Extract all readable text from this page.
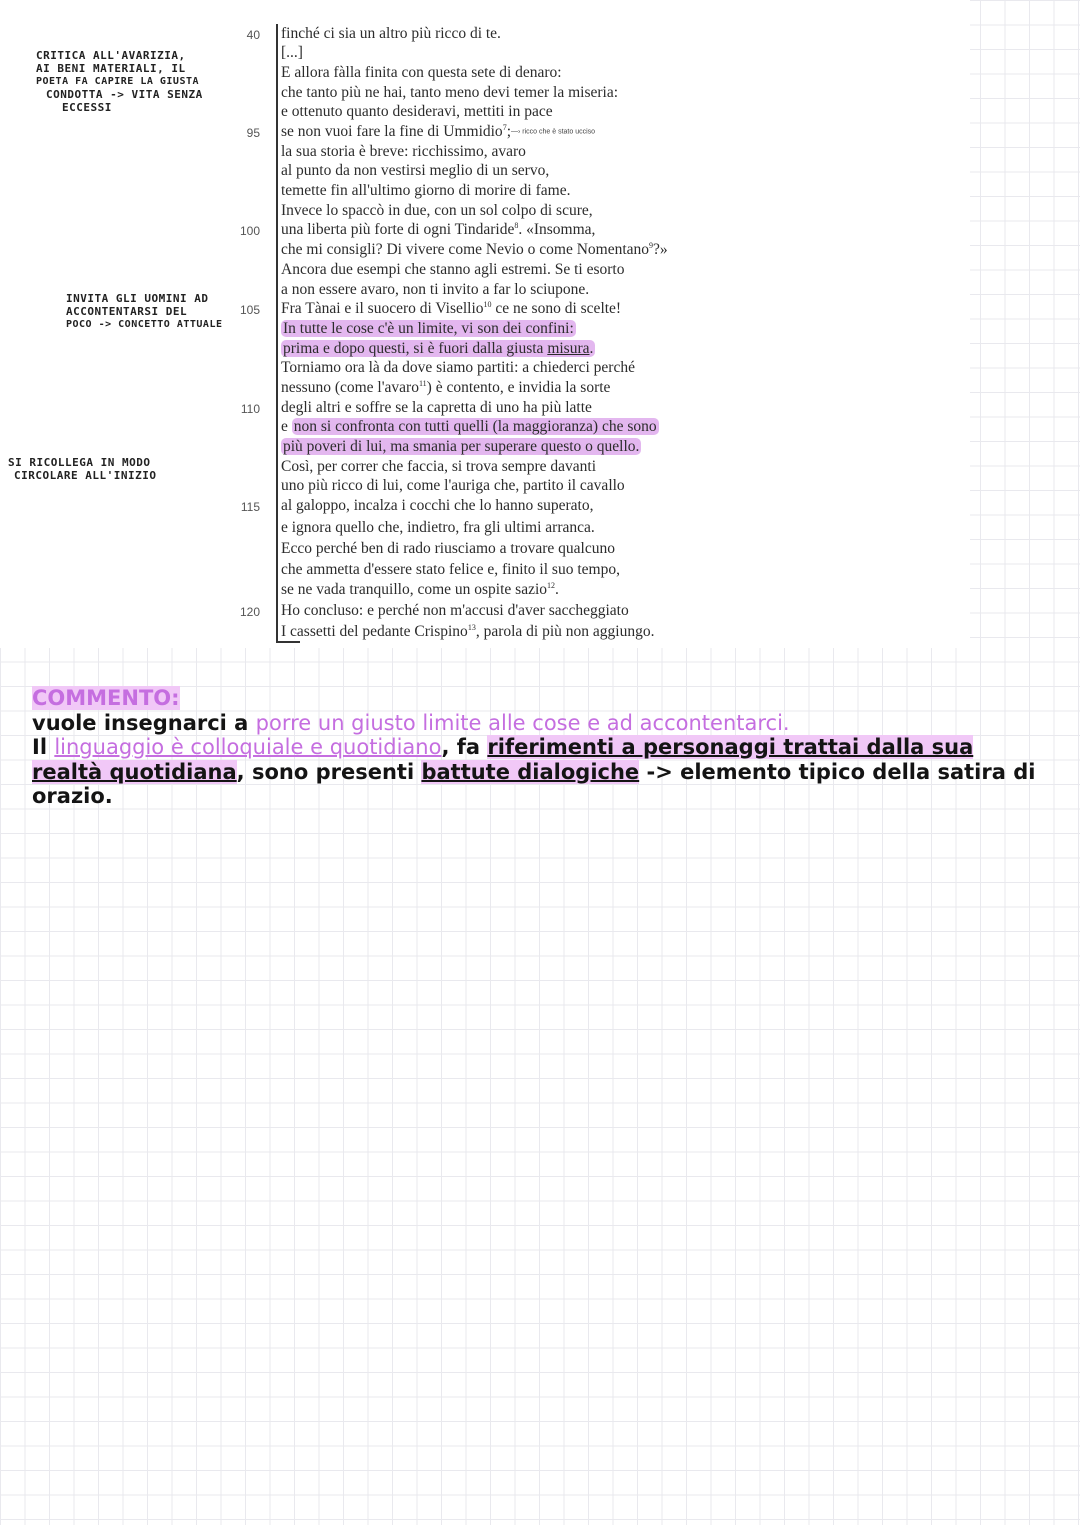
CRITICA ALL'AVARIZIA,
AI BENI MATERIALI, IL
POETA FA CAPIRE LA GIUSTA
CONDOTTA -> VITA SENZA
ECCESSI
INVITA GLI UOMINI AD
ACCONTENTARSI DEL
POCO -> CONCETTO ATTUALE
SI RICOLLEGA IN MODO
CIRCOLARE ALL'INIZIO
40
95
100
105
110
115
120
finché ci sia un altro più ricco di te.
[...]
E allora fàlla finita con questa sete di denaro:
che tanto più ne hai, tanto meno devi temer la miseria:
e ottenuto quanto desideravi, mettiti in pace
se non vuoi fare la fine di Ummidio$^7$;—› ricco che è stato ucciso
la sua storia è breve: ricchissimo, avaro
al punto da non vestirsi meglio di un servo,
temette fin all'ultimo giorno di morire di fame.
Invece lo spaccò in due, con un sol colpo di scure,
una liberta più forte di ogni Tindaride$^8$. «Insomma,
che mi consigli? Di vivere come Nevio o come Nomentano$^9$?»
Ancora due esempi che stanno agli estremi. Se ti esorto
a non essere avaro, non ti invito a far lo sciupone.
Fra Tànai e il suocero di Visellio$^{10}$ ce ne sono di scelte!
In tutte le cose c'è un limite, vi son dei confini:
prima e dopo questi, si è fuori dalla giusta misura.
Torniamo ora là da dove siamo partiti: a chiederci perché
nessuno (come l'avaro$^{11}$) è contento, e invidia la sorte
degli altri e soffre se la capretta di uno ha più latte
e non si confronta con tutti quelli (la maggioranza) che sono
più poveri di lui, ma smania per superare questo o quello.
Così, per correr che faccia, si trova sempre davanti
uno più ricco di lui, come l'auriga che, partito il cavallo
al galoppo, incalza i cocchi che lo hanno superato,
e ignora quello che, indietro, fra gli ultimi arranca.
Ecco perché ben di rado riusciamo a trovare qualcuno
che ammetta d'essere stato felice e, finito il suo tempo,
se ne vada tranquillo, come un ospite sazio$^{12}$.
Ho concluso: e perché non m'accusi d'aver saccheggiato
I cassetti del pedante Crispino$^{13}$, parola di più non aggiungo.
COMMENTO:
vuole insegnarci a porre un giusto limite alle cose e ad accontentarci.
Il linguaggio è colloquiale e quotidiano, fa riferimenti a personaggi trattai dalla sua
realtà quotidiana, sono presenti battute dialogiche -> elemento tipico della satira di
orazio.
